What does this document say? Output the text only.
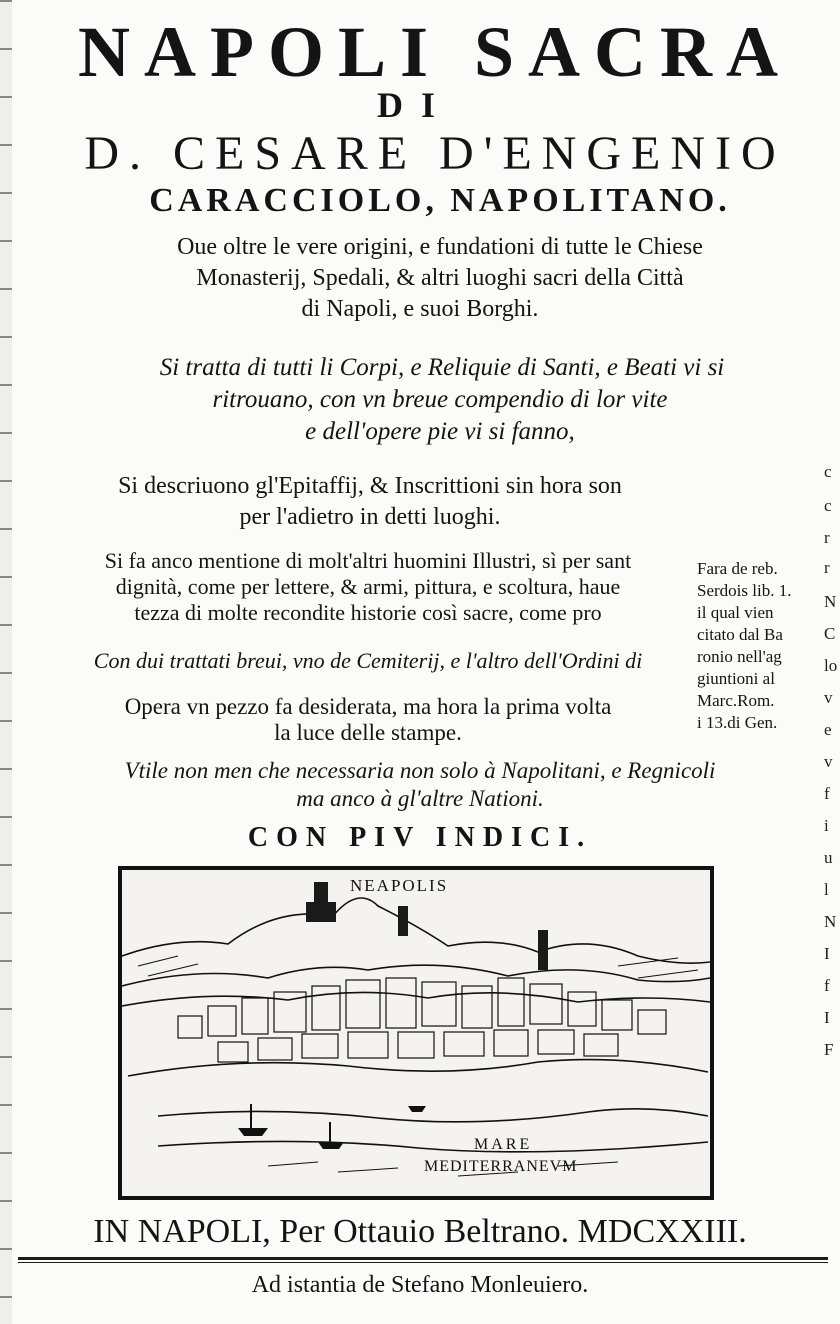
NAPOLI SACRA
DI
D. CESARE D'ENGENIO
CARACCIOLO, NAPOLITANO.
Oue oltre le vere origini, e fundationi di tutte le Chiese
Monasterij, Spedali, & altri luoghi sacri della Città
di Napoli, e suoi Borghi.
Si tratta di tutti li Corpi, e Reliquie di Santi, e Beati vi si
ritrouano, con vn breue compendio di lor vite
e dell'opere pie vi si fanno,
Si descriuono gl'Epitaffij, & Inscrittioni sin hora son
per l'adietro in detti luoghi.
Si fa anco mentione di molt'altri huomini Illustri, sì per sant
dignità, come per lettere, & armi, pittura, e scoltura, haue
tezza di molte recondite historie così sacre, come pro
Con dui trattati breui, vno de Cemiterij, e l'altro dell'Ordini di
Opera vn pezzo fa desiderata, ma hora la prima volta
la luce delle stampe.
Vtile non men che necessaria non solo à Napolitani, e Regnicoli
ma anco à gl'altre Nationi.
CON PIV INDICI.
Fara de reb.
Serdois lib. 1.
il qual vien
citato dal Ba
ronio nell'ag
giuntioni al
Marc.Rom.
i 13.di Gen.
c
c
r
r
N
C
lo
v
e
v
f
i
u
l
N
I
f
I
F
NEAPOLIS
MARE
MEDITERRANEVM
IN NAPOLI, Per Ottauio Beltrano. MDCXXIII.
Ad istantia de Stefano Monleuiero.
